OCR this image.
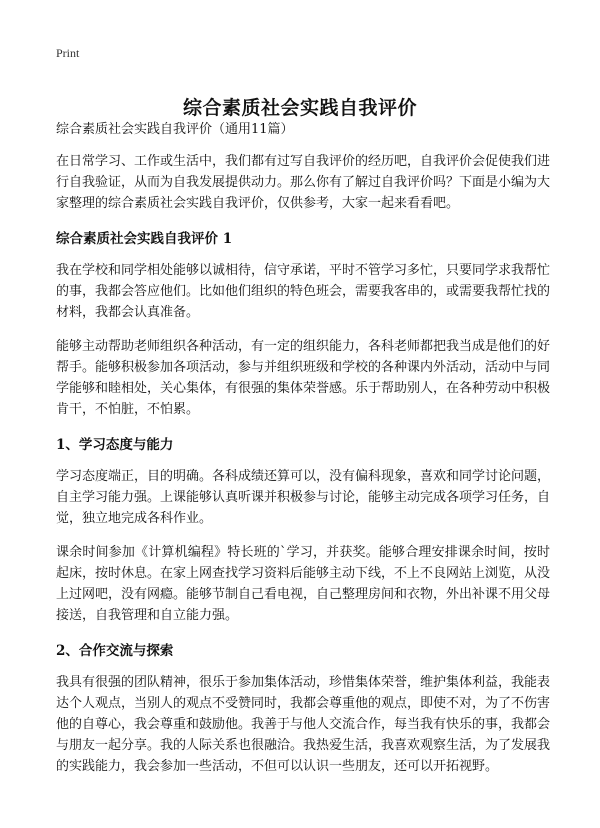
Print
综合素质社会实践自我评价
综合素质社会实践自我评价（通用11篇）

在日常学习、工作或生活中，我们都有过写自我评价的经历吧，自我评价会促使我们进行自我验证，从而为自我发展提供动力。那么你有了解过自我评价吗？下面是小编为大家整理的综合素质社会实践自我评价，仅供参考，大家一起来看看吧。

综合素质社会实践自我评价 1

我在学校和同学相处能够以诚相待，信守承诺，平时不管学习多忙，只要同学求我帮忙的事，我都会答应他们。比如他们组织的特色班会，需要我客串的，或需要我帮忙找的材料，我都会认真准备。

能够主动帮助老师组织各种活动，有一定的组织能力，各科老师都把我当成是他们的好帮手。能够积极参加各项活动，参与并组织班级和学校的各种课内外活动，活动中与同学能够和睦相处，关心集体，有很强的集体荣誉感。乐于帮助别人，在各种劳动中积极肯干，不怕脏，不怕累。

1、学习态度与能力

学习态度端正，目的明确。各科成绩还算可以，没有偏科现象，喜欢和同学讨论问题，自主学习能力强。上课能够认真听课并积极参与讨论，能够主动完成各项学习任务，自觉，独立地完成各科作业。

课余时间参加《计算机编程》特长班的`学习，并获奖。能够合理安排课余时间，按时起床，按时休息。在家上网查找学习资料后能够主动下线，不上不良网站上浏览，从没上过网吧，没有网瘾。能够节制自己看电视，自己整理房间和衣物，外出补课不用父母接送，自我管理和自立能力强。

2、合作交流与探索

我具有很强的团队精神，很乐于参加集体活动，珍惜集体荣誉，维护集体利益，我能表达个人观点，当别人的观点不受赞同时，我都会尊重他的观点，即使不对，为了不伤害他的自尊心，我会尊重和鼓励他。我善于与他人交流合作，每当我有快乐的事，我都会与朋友一起分享。我的人际关系也很融洽。我热爱生活，我喜欢观察生活，为了发展我的实践能力，我会参加一些活动，不但可以认识一些朋友，还可以开拓视野。
